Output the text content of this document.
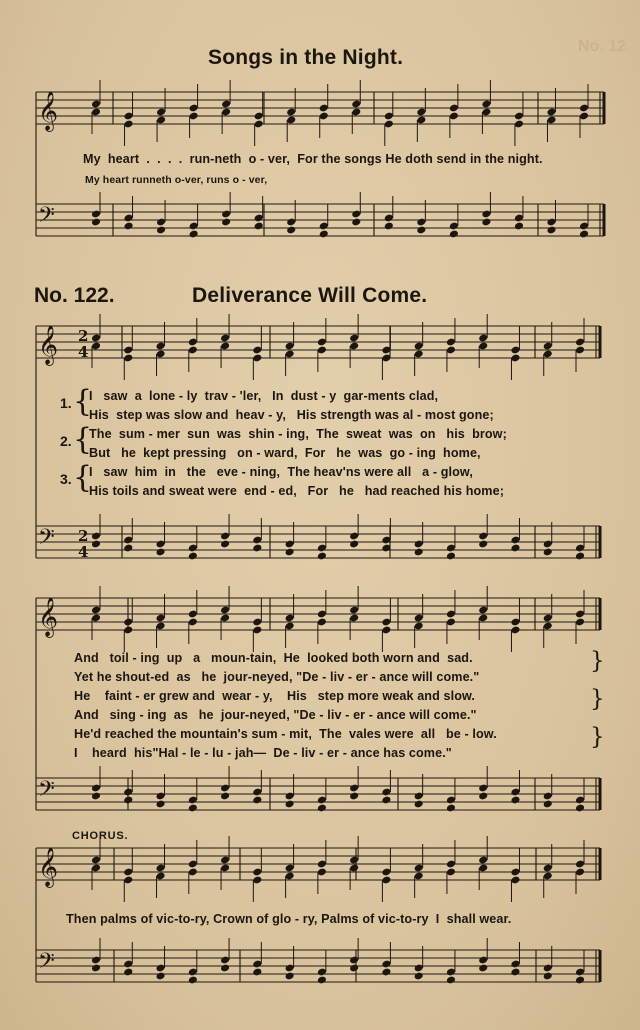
No. 12
𝄞
𝄢
𝄞
𝄢
𝄞
𝄢
𝄞
𝄢
2
4
2
4
Songs in the Night.
My  heart  .  .  .  .  run-neth  o - ver,  For the songs He doth send in the night.
My heart runneth o-ver, runs o - ver,
No. 122.	Deliverance Will Come.
1.
2.
3.
{
{
{
I   saw  a  lone - ly  trav - 'ler,   In  dust - y  gar-ments clad,
His  step was slow and  heav - y,   His strength was al - most gone;
The  sum - mer  sun  was  shin - ing,  The  sweat  was  on   his  brow;
But   he  kept pressing   on - ward,  For   he  was  go - ing  home,
I   saw  him  in   the   eve - ning,  The heav'ns were all   a - glow,
His toils and sweat were  end - ed,   For   he   had reached his home;
And   toil - ing  up   a   moun-tain,  He  looked both worn and  sad.
Yet he shout-ed  as   he  jour-neyed, "De - liv - er - ance will come."
He    faint - er grew and  wear - y,    His   step more weak and slow.
And   sing - ing  as   he  jour-neyed, "De - liv - er - ance will come."
He'd reached the mountain's sum - mit,  The  vales were  all   be - low.
I    heard  his"Hal - le - lu - jah—  De - liv - er - ance has come."
}
}
}
CHORUS.
Then palms of vic-to-ry, Crown of glo - ry, Palms of vic-to-ry  I  shall wear.
